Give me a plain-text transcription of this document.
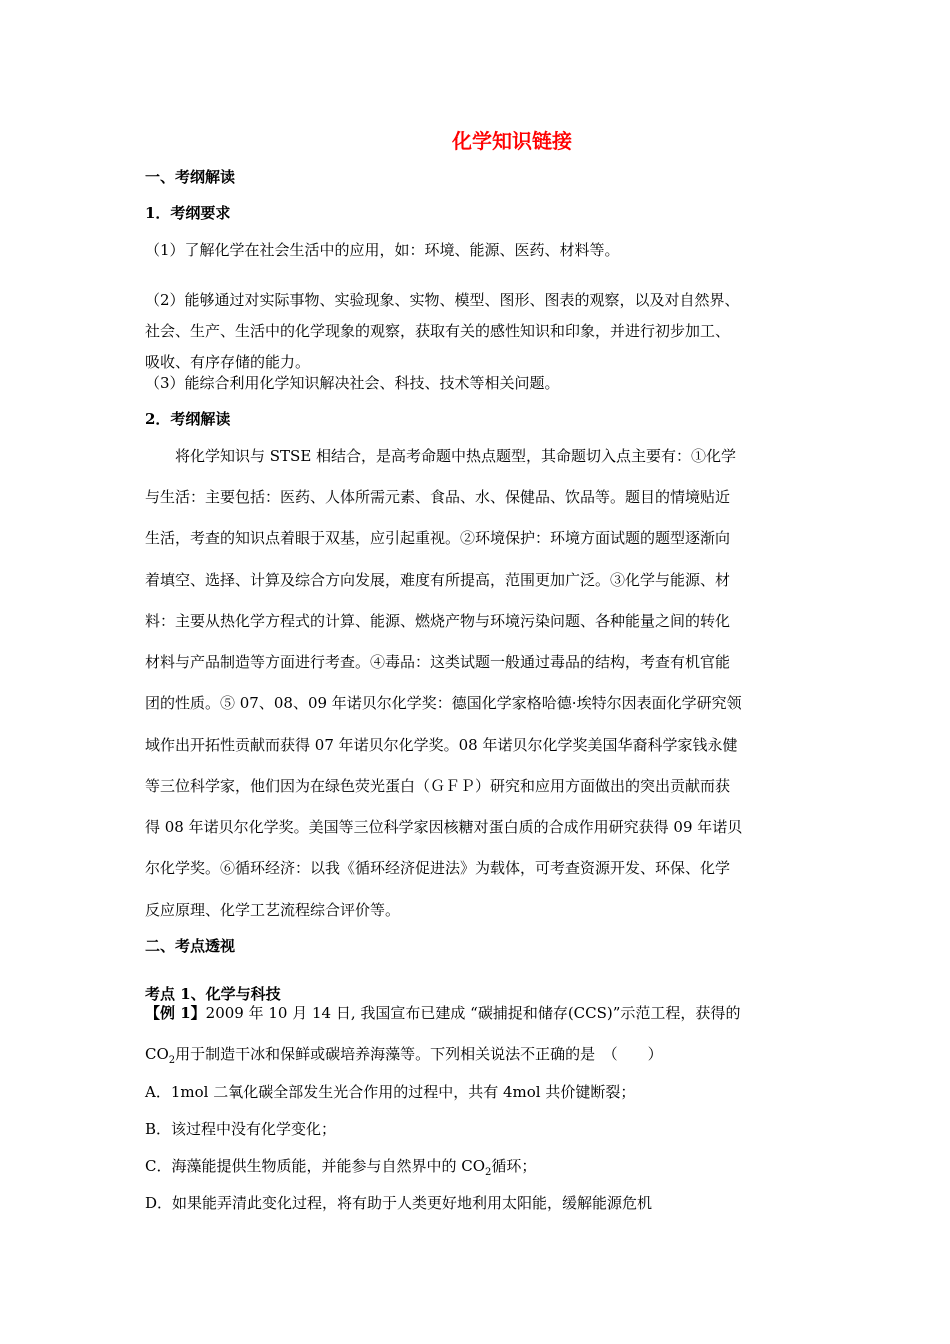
化学知识链接
一、考纲解读
1．考纲要求
（1）了解化学在社会生活中的应用，如：环境、能源、医药、材料等。
（2）能够通过对实际事物、实验现象、实物、模型、图形、图表的观察，以及对自然界、
社会、生产、生活中的化学现象的观察，获取有关的感性知识和印象，并进行初步加工、
吸收、有序存储的能力。
（3）能综合利用化学知识解决社会、科技、技术等相关问题。
2．考纲解读
　　将化学知识与 STSE 相结合，是高考命题中热点题型，其命题切入点主要有：①化学
与生活：主要包括：医药、人体所需元素、食品、水、保健品、饮品等。题目的情境贴近
生活，考查的知识点着眼于双基，应引起重视。②环境保护：环境方面试题的题型逐渐向
着填空、选择、计算及综合方向发展，难度有所提高，范围更加广泛。③化学与能源、材
料：主要从热化学方程式的计算、能源、燃烧产物与环境污染问题、各种能量之间的转化
材料与产品制造等方面进行考查。④毒品：这类试题一般通过毒品的结构，考查有机官能
团的性质。⑤ 07、08、09 年诺贝尔化学奖：德国化学家格哈德·埃特尔因表面化学研究领
域作出开拓性贡献而获得 07 年诺贝尔化学奖。08 年诺贝尔化学奖美国华裔科学家钱永健
等三位科学家，他们因为在绿色荧光蛋白（ＧＦＰ）研究和应用方面做出的突出贡献而获
得 08 年诺贝尔化学奖。美国等三位科学家因核糖对蛋白质的合成作用研究获得 09 年诺贝
尔化学奖。⑥循环经济：以我《循环经济促进法》为载体，可考查资源开发、环保、化学
反应原理、化学工艺流程综合评价等。
二、考点透视
考点 1、化学与科技
【例 1】2009 年 10 月 14 日, 我国宣布已建成 “碳捕捉和储存(CCS)”示范工程，获得的
$CO_2$用于制造干冰和保鲜或碳培养海藻等。下列相关说法不正确的是　（　　）
A．1mol 二氧化碳全部发生光合作用的过程中，共有 4mol 共价键断裂；
B．该过程中没有化学变化；
C．海藻能提供生物质能，并能参与自然界中的 $CO_2$循环；
D．如果能弄清此变化过程，将有助于人类更好地利用太阳能，缓解能源危机
